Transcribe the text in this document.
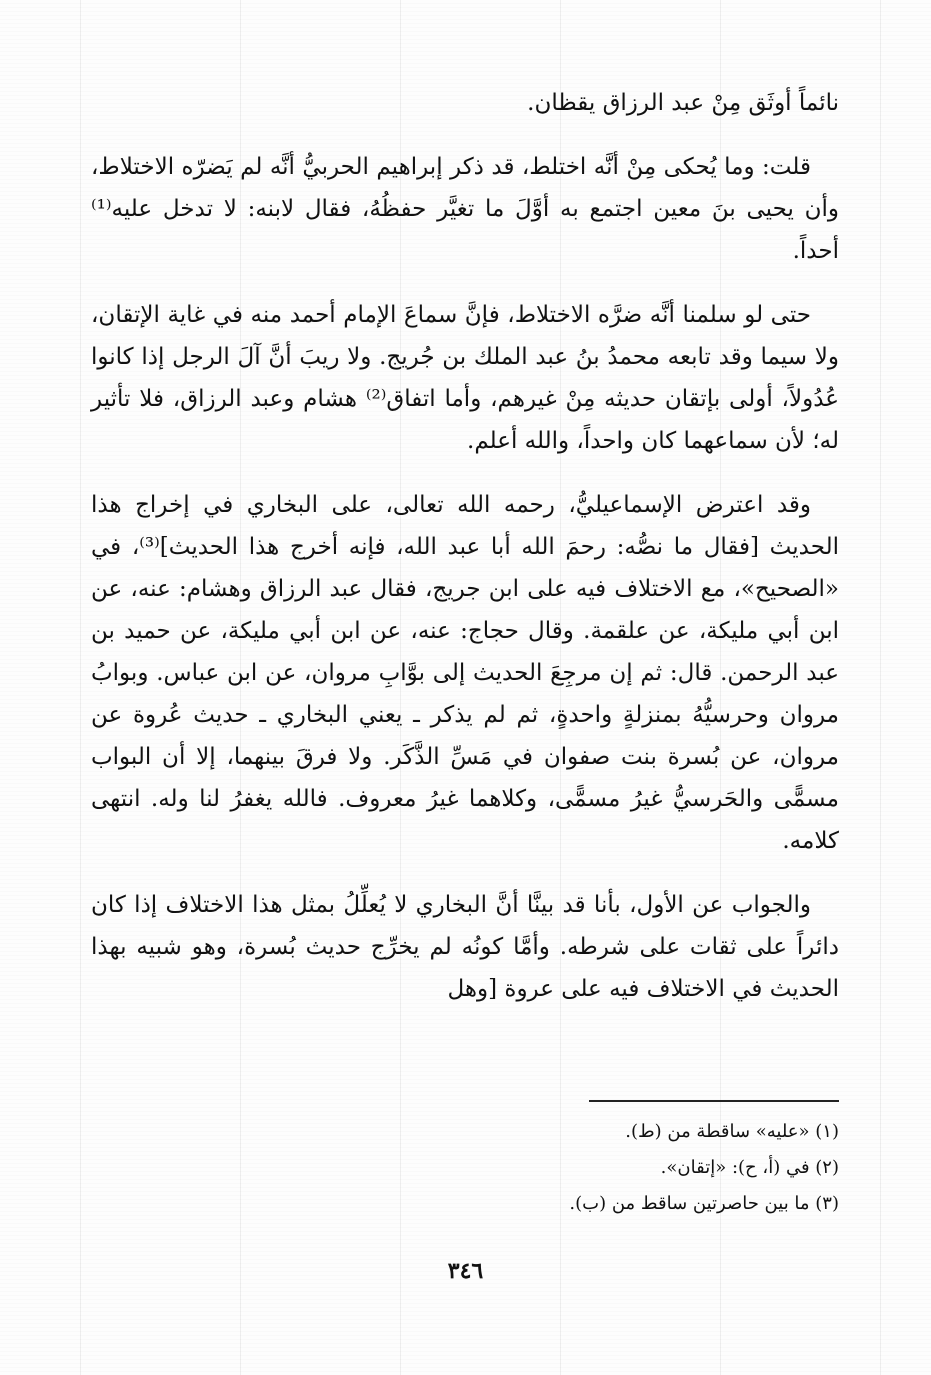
نائماً أوثَق مِنْ عبد الرزاق يقظان.

قلت: وما يُحكى مِنْ أنَّه اختلط، قد ذكر إبراهيم الحربيُّ أنَّه لم يَضرّه الاختلاط، وأن يحيى بنَ معين اجتمع به أوَّلَ ما تغيَّر حفظُهُ، فقال لابنه: لا تدخل عليه⁽¹⁾ أحداً.

حتى لو سلمنا أنَّه ضرَّه الاختلاط، فإنَّ سماعَ الإمام أحمد منه في غاية الإتقان، ولا سيما وقد تابعه محمدُ بنُ عبد الملك بن جُريج. ولا ريبَ أنَّ آلَ الرجل إذا كانوا عُدُولاً، أولى بإتقان حديثه مِنْ غيرهم، وأما اتفاق⁽²⁾ هشام وعبد الرزاق، فلا تأثير له؛ لأن سماعهما كان واحداً، والله أعلم.

وقد اعترض الإسماعيليُّ، رحمه الله تعالى، على البخاري في إخراج هذا الحديث [فقال ما نصُّه: رحمَ الله أبا عبد الله، فإنه أخرج هذا الحديث]⁽³⁾، في «الصحيح»، مع الاختلاف فيه على ابن جريج، فقال عبد الرزاق وهشام: عنه، عن ابن أبي مليكة، عن علقمة. وقال حجاج: عنه، عن ابن أبي مليكة، عن حميد بن عبد الرحمن. قال: ثم إن مرجِعَ الحديث إلى بوَّابِ مروان، عن ابن عباس. وبوابُ مروان وحرسيُّهُ بمنزلةٍ واحدةٍ، ثم لم يذكر ـ يعني البخاري ـ حديث عُروة عن مروان، عن بُسرة بنت صفوان في مَسِّ الذَّكَر. ولا فرقَ بينهما، إلا أن البواب مسمًّى والحَرسيُّ غيرُ مسمًّى، وكلاهما غيرُ معروف. فالله يغفرُ لنا وله. انتهى كلامه.

والجواب عن الأول، بأنا قد بينَّا أنَّ البخاري لا يُعلِّلُ بمثل هذا الاختلاف إذا كان دائراً على ثقات على شرطه. وأمَّا كونُه لم يخرِّج حديث بُسرة، وهو شبيه بهذا الحديث في الاختلاف فيه على عروة [وهل

(١) «عليه» ساقطة من (ط).

(٢) في (أ، ح): «إتقان».

(٣) ما بين حاصرتين ساقط من (ب).

٣٤٦
